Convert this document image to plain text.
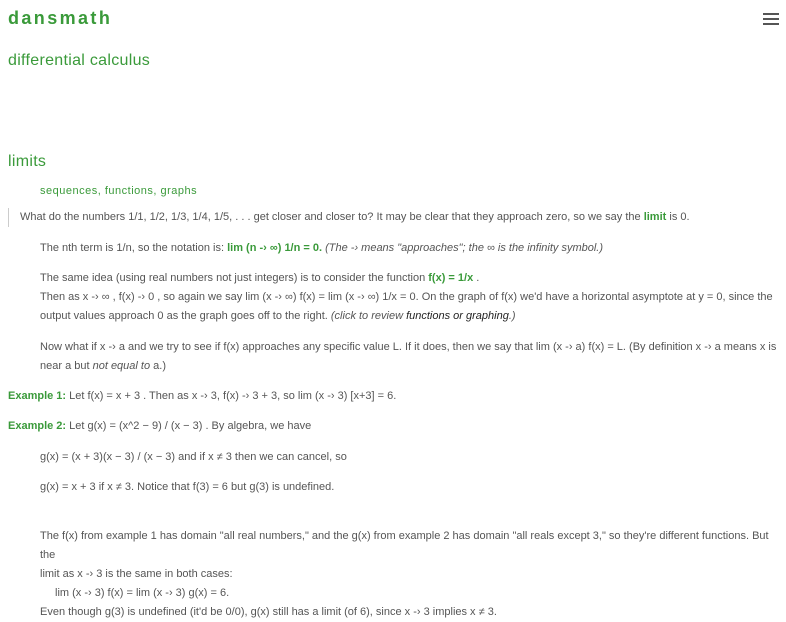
dansmath
differential calculus
limits
sequences, functions, graphs

What do the numbers 1/1, 1/2, 1/3, 1/4, 1/5, . . . get closer and closer to? It may be clear that they approach zero, so we say the limit is 0.

The nth term is 1/n, so the notation is: lim (n -› ∞) 1/n = 0. (The -› means "approaches"; the ∞ is the infinity symbol.)

The same idea (using real numbers not just integers) is to consider the function f(x) = 1/x .
Then as x -› ∞ , f(x) -› 0 , so again we say lim (x -› ∞) f(x) = lim (x -› ∞) 1/x = 0. On the graph of f(x) we'd have a horizontal asymptote at y = 0, since the
output values approach 0 as the graph goes off to the right. (click to review functions or graphing.)

Now what if x -› a and we try to see if f(x) approaches any specific value L. If it does, then we say that lim (x -› a) f(x) = L. (By definition x -› a means x is
near a but not equal to a.)

Example 1: Let f(x) = x + 3 . Then as x -› 3, f(x) -› 3 + 3, so lim (x -› 3) [x+3] = 6.

Example 2: Let g(x) = (x^2 − 9) / (x − 3) . By algebra, we have

g(x) = (x + 3)(x − 3) / (x − 3) and if x ≠ 3 then we can cancel, so

g(x) = x + 3 if x ≠ 3. Notice that f(3) = 6 but g(3) is undefined.

The f(x) from example 1 has domain "all real numbers," and the g(x) from example 2 has domain "all reals except 3," so they're different functions. But the
limit as x -› 3 is the same in both cases:
lim (x -› 3) f(x) = lim (x -› 3) g(x) = 6.
Even though g(3) is undefined (it'd be 0/0), g(x) still has a limit (of 6), since x -› 3 implies x ≠ 3.
